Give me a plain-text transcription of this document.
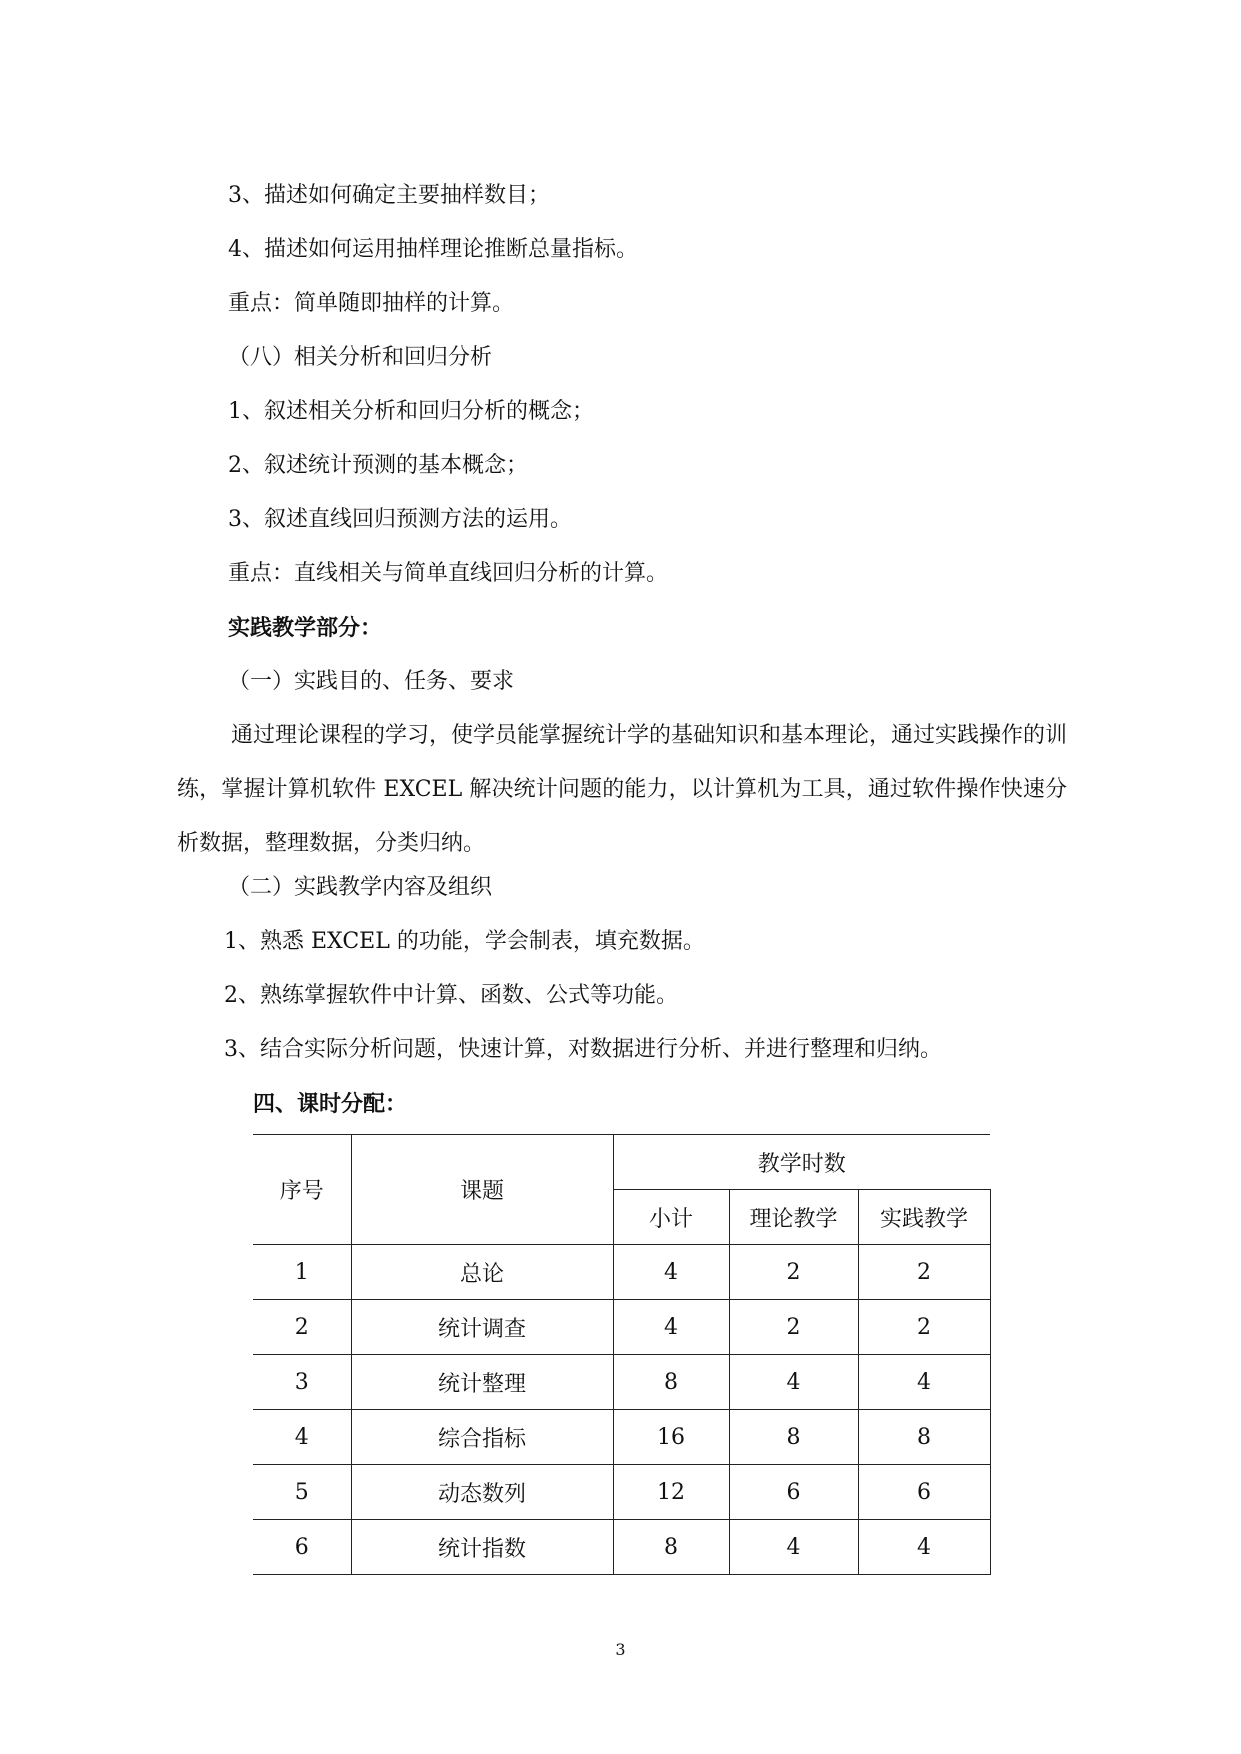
3、描述如何确定主要抽样数目；
4、描述如何运用抽样理论推断总量指标。
重点：简单随即抽样的计算。
（八）相关分析和回归分析
1、叙述相关分析和回归分析的概念；
2、叙述统计预测的基本概念；
3、叙述直线回归预测方法的运用。
重点：直线相关与简单直线回归分析的计算。
实践教学部分：
（一）实践目的、任务、要求
通过理论课程的学习，使学员能掌握统计学的基础知识和基本理论，通过实践操作的训练，掌握计算机软件 EXCEL 解决统计问题的能力，以计算机为工具，通过软件操作快速分析数据，整理数据，分类归纳。
（二）实践教学内容及组织
1、熟悉 EXCEL 的功能，学会制表，填充数据。
2、熟练掌握软件中计算、函数、公式等功能。
3、结合实际分析问题，快速计算，对数据进行分析、并进行整理和归纳。
四、课时分配：
序号	课题	教学时数		
		小计	理论教学	实践教学
1	总论	4	2	2
2	统计调查	4	2	2
3	统计整理	8	4	4
4	综合指标	16	8	8
5	动态数列	12	6	6
6	统计指数	8	4	4
3
